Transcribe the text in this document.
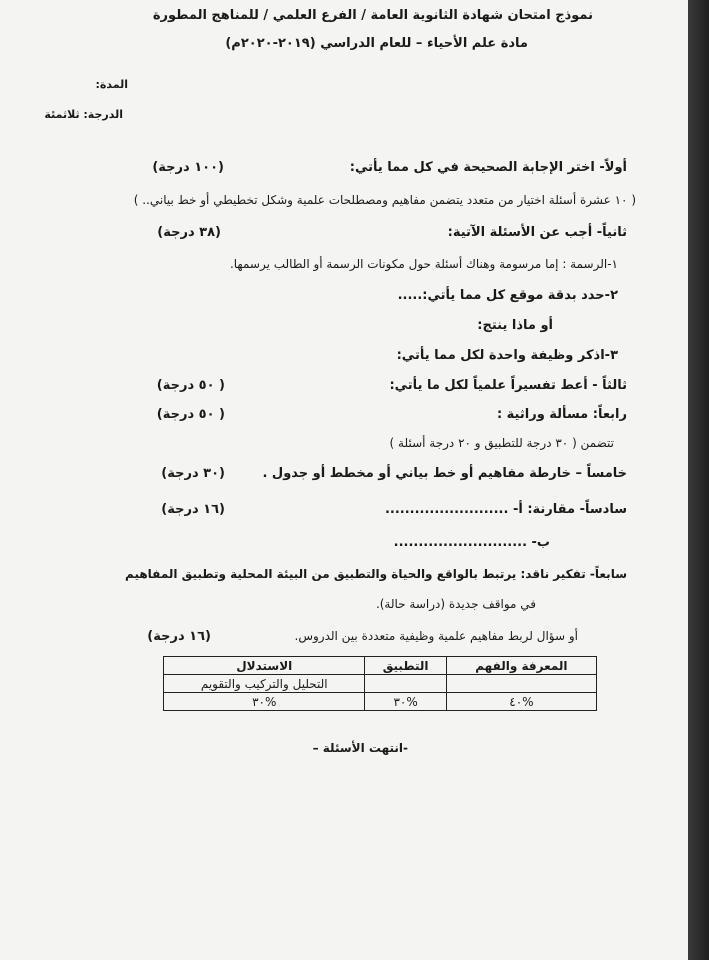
نموذج امتحان شهادة الثانوية العامة / الفرع العلمي / للمناهج المطورة
مادة علم الأحياء – للعام الدراسي (٢٠١٩-٢٠٢٠م)
المدة:
الدرجة: ثلاثمئة
أولاً- اختر الإجابة الصحيحة في كل مما يأتي:
(١٠٠ درجة)
( ١٠ عشرة أسئلة اختيار من متعدد يتضمن مفاهيم ومصطلحات علمية وشكل تخطيطي أو خط بياني.. )
ثانياً- أجب عن الأسئلة الآتية:
(٣٨ درجة)
١-الرسمة : إما مرسومة وهناك أسئلة حول مكونات الرسمة أو الطالب يرسمها.
٢-حدد بدقة موقع كل مما يأتي:.....
أو ماذا ينتج:
٣-اذكر وظيفة واحدة لكل مما يأتي:
ثالثاً - أعط تفسيراً علمياً لكل ما يأتي:
( ٥٠ درجة)
رابعاً: مسألة وراثية :
( ٥٠ درجة)
تتضمن ( ٣٠ درجة للتطبيق و ٢٠ درجة أسئلة )
خامساً – خارطة مفاهيم أو خط بياني أو مخطط أو جدول .
(٣٠ درجة)
سادساً- مقارنة: أ- .........................
(١٦ درجة)
ب- ...........................
سابعاً- تفكير ناقد: يرتبط بالواقع والحياة والتطبيق من البيئة المحلية وتطبيق المفاهيم
في مواقف جديدة (دراسة حالة).
أو سؤال لربط مفاهيم علمية وظيفية متعددة بين الدروس.
(١٦ درجة)
المعرفة والفهم	التطبيق	الاستدلال
		التحليل والتركيب والتقويم
%٤٠	%٣٠	%٣٠
-انتهت الأسئلة –
